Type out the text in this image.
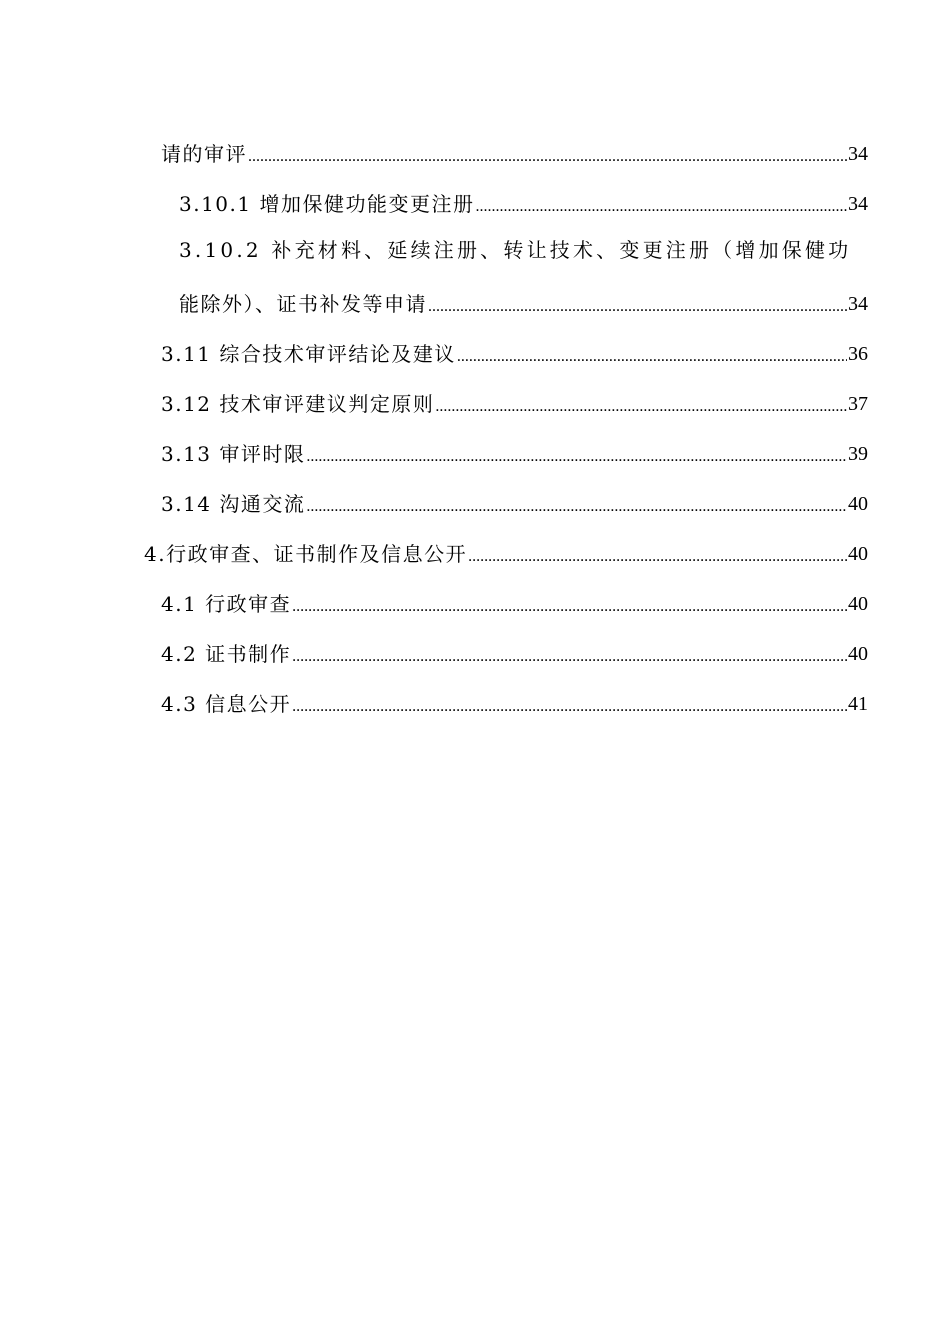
请的审评 .....	34
3.10.1 增加保健功能变更注册 .....	34
3.10.2 补充材料、延续注册、转让技术、变更注册（增加保健功
能除外）、证书补发等申请 .....	34
3.11 综合技术审评结论及建议 .....	36
3.12 技术审评建议判定原则 .....	37
3.13 审评时限 .....	39
3.14 沟通交流 .....	40
4.行政审查、证书制作及信息公开 .....	40
4.1 行政审查 .....	40
4.2 证书制作 .....	40
4.3 信息公开 .....	41
